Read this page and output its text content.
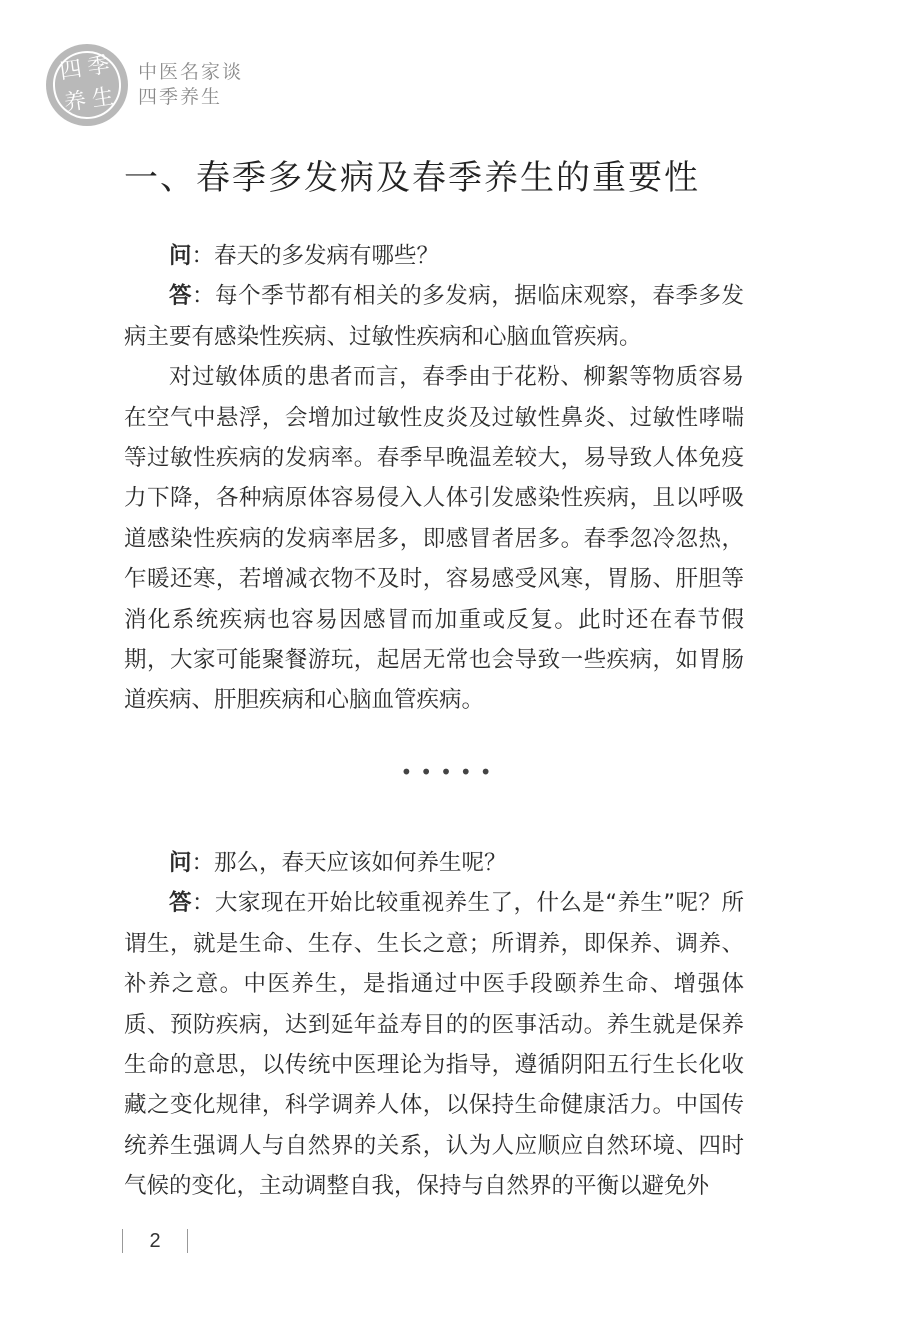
四 季
养 生
中医名家谈
四季养生
一、春季多发病及春季养生的重要性

问：春天的多发病有哪些？

答：每个季节都有相关的多发病，据临床观察，春季多发病主要有感染性疾病、过敏性疾病和心脑血管疾病。

对过敏体质的患者而言，春季由于花粉、柳絮等物质容易在空气中悬浮，会增加过敏性皮炎及过敏性鼻炎、过敏性哮喘等过敏性疾病的发病率。春季早晚温差较大，易导致人体免疫力下降，各种病原体容易侵入人体引发感染性疾病，且以呼吸道感染性疾病的发病率居多，即感冒者居多。春季忽冷忽热，乍暖还寒，若增减衣物不及时，容易感受风寒，胃肠、肝胆等消化系统疾病也容易因感冒而加重或反复。此时还在春节假期，大家可能聚餐游玩，起居无常也会导致一些疾病，如胃肠道疾病、肝胆疾病和心脑血管疾病。

•••••

问：那么，春天应该如何养生呢？

答：大家现在开始比较重视养生了，什么是“养生”呢？所谓生，就是生命、生存、生长之意；所谓养，即保养、调养、补养之意。中医养生，是指通过中医手段颐养生命、增强体质、预防疾病，达到延年益寿目的的医事活动。养生就是保养生命的意思，以传统中医理论为指导，遵循阴阳五行生长化收藏之变化规律，科学调养人体，以保持生命健康活力。中国传统养生强调人与自然界的关系，认为人应顺应自然环境、四时气候的变化，主动调整自我，保持与自然界的平衡以避免外

2
